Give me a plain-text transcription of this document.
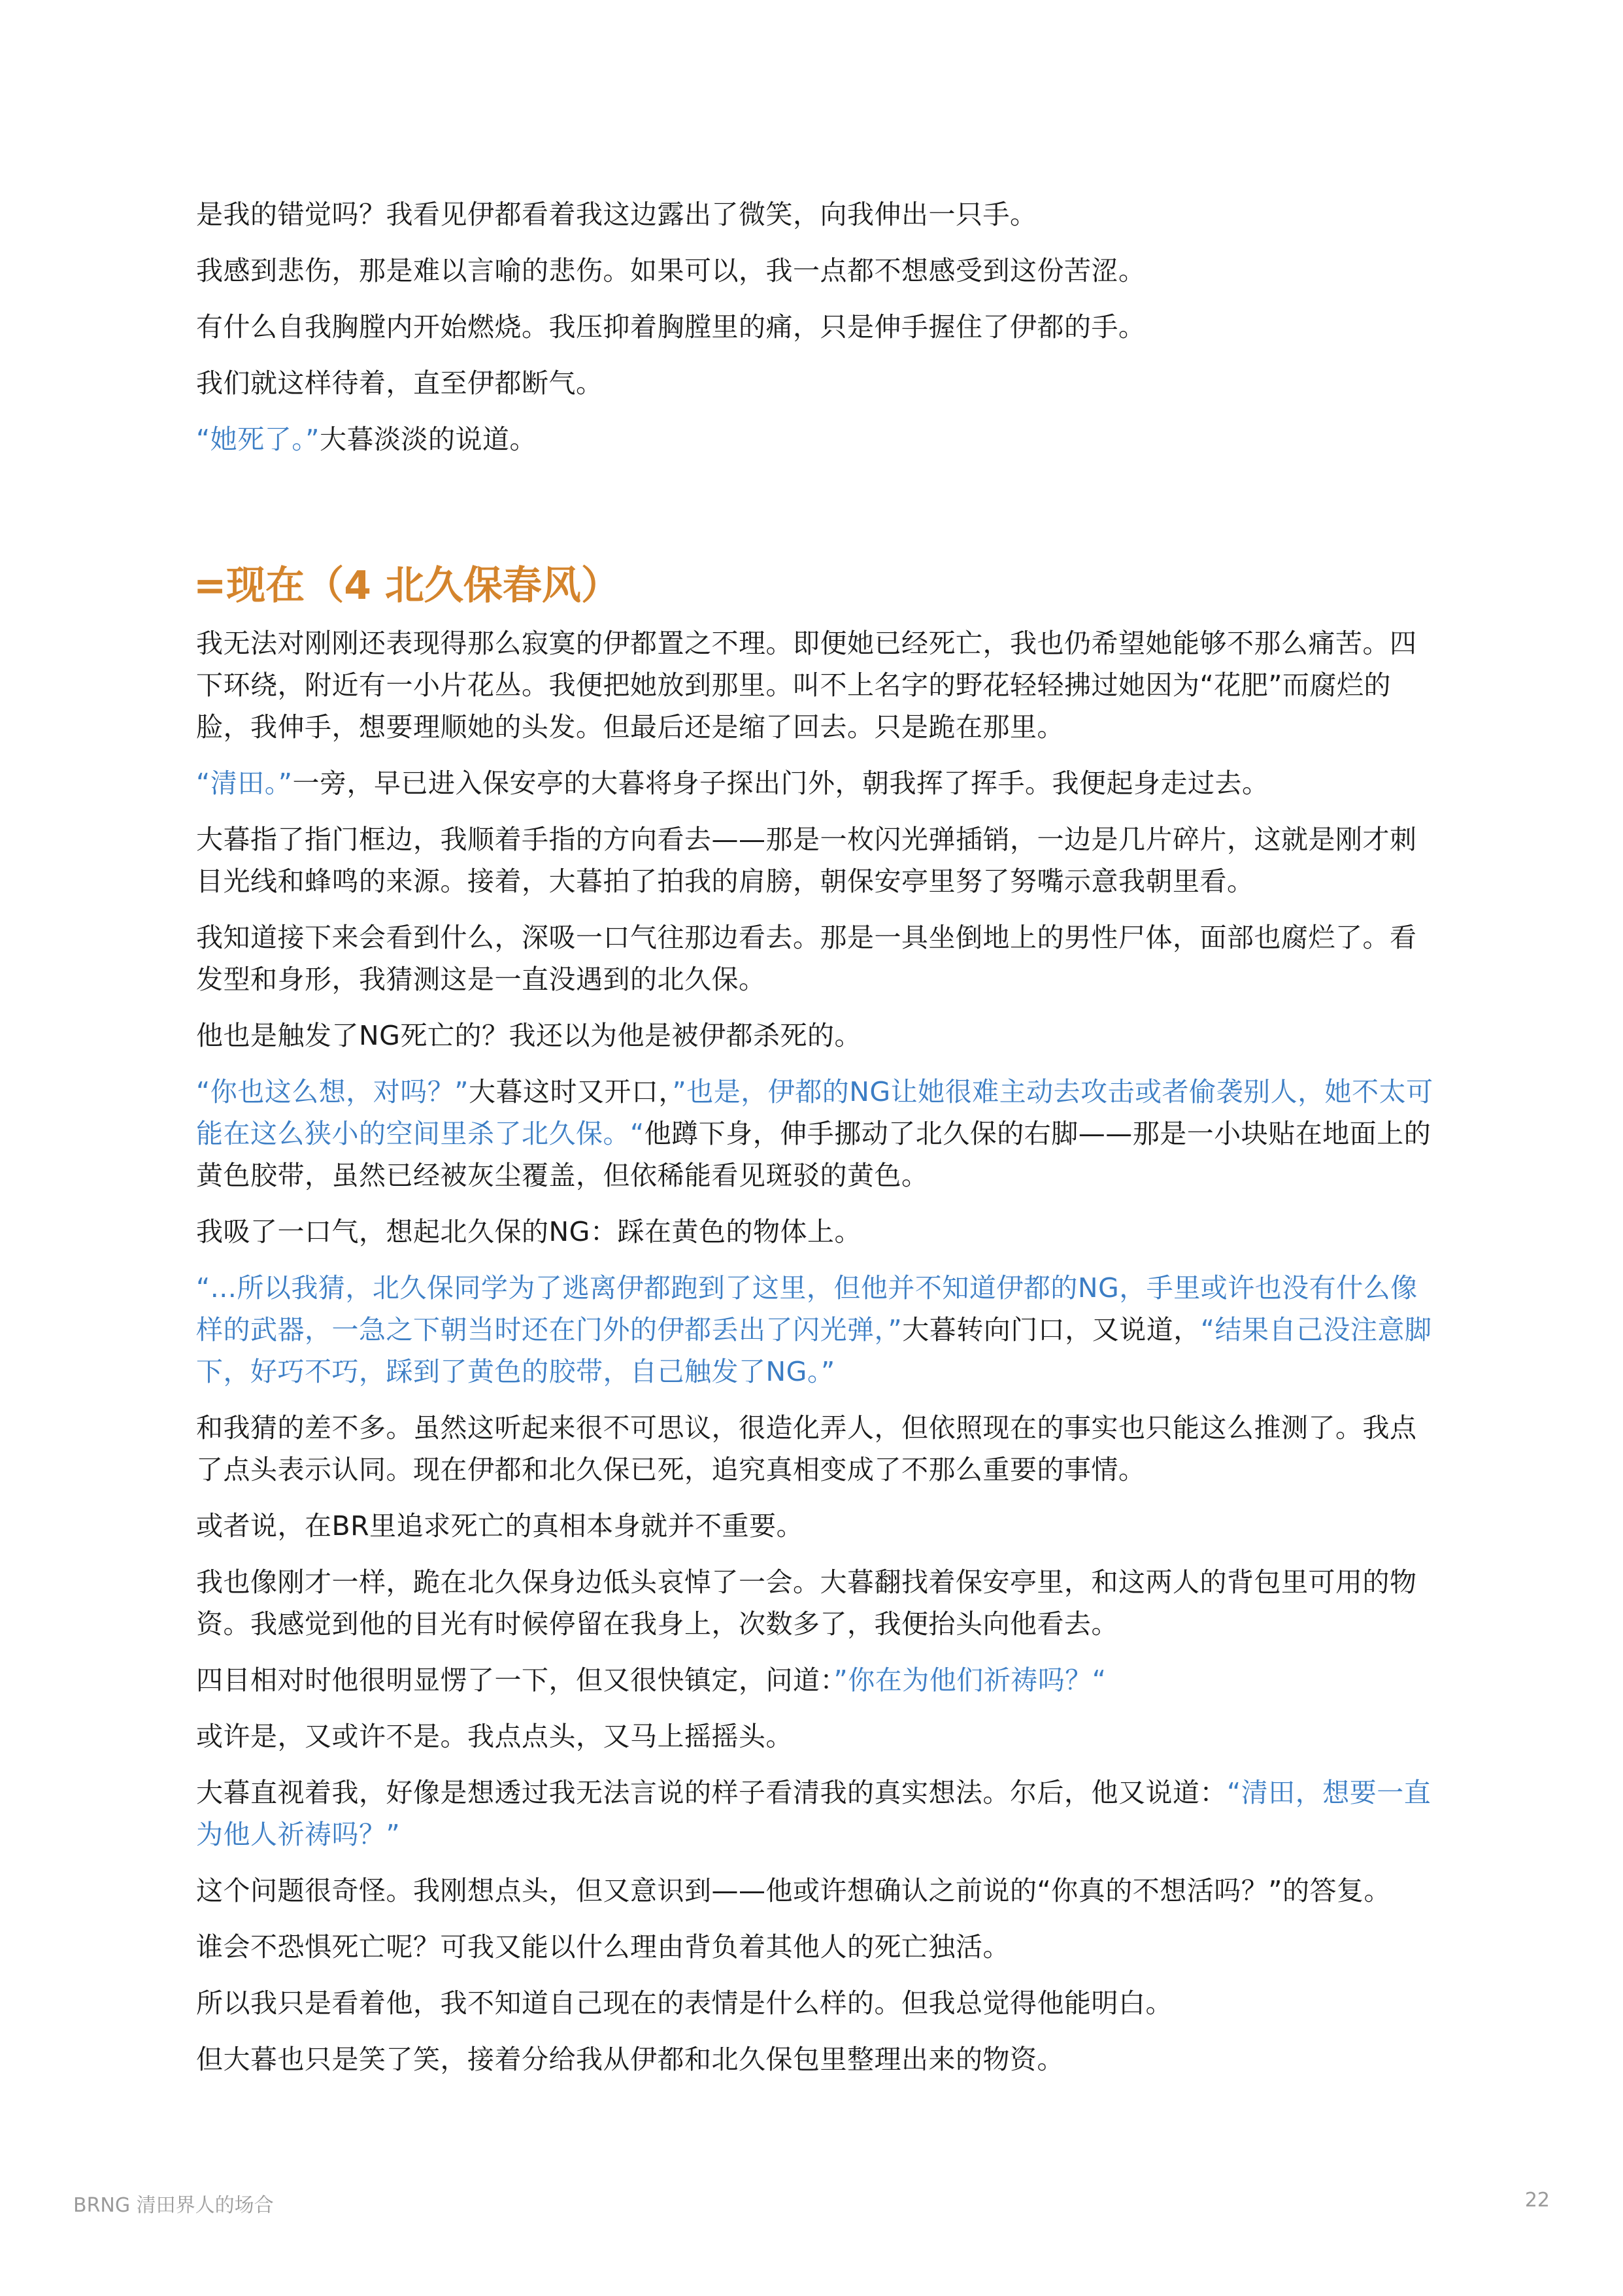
是我的错觉吗？我看见伊都看着我这边露出了微笑，向我伸出一只手。

我感到悲伤，那是难以言喻的悲伤。如果可以，我一点都不想感受到这份苦涩。

有什么自我胸膛内开始燃烧。我压抑着胸膛里的痛，只是伸手握住了伊都的手。

我们就这样待着，直至伊都断气。

“她死了。”大暮淡淡的说道。

=现在（4 北久保春风）

我无法对刚刚还表现得那么寂寞的伊都置之不理。即便她已经死亡，我也仍希望她能够不那么痛苦。四下环绕，附近有一小片花丛。我便把她放到那里。叫不上名字的野花轻轻拂过她因为“花肥”而腐烂的脸，我伸手，想要理顺她的头发。但最后还是缩了回去。只是跪在那里。

“清田。”一旁，早已进入保安亭的大暮将身子探出门外，朝我挥了挥手。我便起身走过去。

大暮指了指门框边，我顺着手指的方向看去——那是一枚闪光弹插销，一边是几片碎片，这就是刚才刺目光线和蜂鸣的来源。接着，大暮拍了拍我的肩膀，朝保安亭里努了努嘴示意我朝里看。

我知道接下来会看到什么，深吸一口气往那边看去。那是一具坐倒地上的男性尸体，面部也腐烂了。看发型和身形，我猜测这是一直没遇到的北久保。

他也是触发了NG死亡的？我还以为他是被伊都杀死的。

“你也这么想，对吗？”大暮这时又开口，”也是，伊都的NG让她很难主动去攻击或者偷袭别人，她不太可能在这么狭小的空间里杀了北久保。“他蹲下身，伸手挪动了北久保的右脚——那是一小块贴在地面上的黄色胶带，虽然已经被灰尘覆盖，但依稀能看见斑驳的黄色。

我吸了一口气，想起北久保的NG：踩在黄色的物体上。

“...所以我猜，北久保同学为了逃离伊都跑到了这里，但他并不知道伊都的NG，手里或许也没有什么像样的武器，一急之下朝当时还在门外的伊都丢出了闪光弹，”大暮转向门口，又说道，“结果自己没注意脚下，好巧不巧，踩到了黄色的胶带，自己触发了NG。”

和我猜的差不多。虽然这听起来很不可思议，很造化弄人，但依照现在的事实也只能这么推测了。我点了点头表示认同。现在伊都和北久保已死，追究真相变成了不那么重要的事情。

或者说，在BR里追求死亡的真相本身就并不重要。

我也像刚才一样，跪在北久保身边低头哀悼了一会。大暮翻找着保安亭里，和这两人的背包里可用的物资。我感觉到他的目光有时候停留在我身上，次数多了，我便抬头向他看去。

四目相对时他很明显愣了一下，但又很快镇定，问道：”你在为他们祈祷吗？“

或许是，又或许不是。我点点头，又马上摇摇头。

大暮直视着我，好像是想透过我无法言说的样子看清我的真实想法。尔后，他又说道：“清田，想要一直为他人祈祷吗？”

这个问题很奇怪。我刚想点头，但又意识到——他或许想确认之前说的“你真的不想活吗？”的答复。

谁会不恐惧死亡呢？可我又能以什么理由背负着其他人的死亡独活。

所以我只是看着他，我不知道自己现在的表情是什么样的。但我总觉得他能明白。

但大暮也只是笑了笑，接着分给我从伊都和北久保包里整理出来的物资。

BRNG 清田界人的场合	22
